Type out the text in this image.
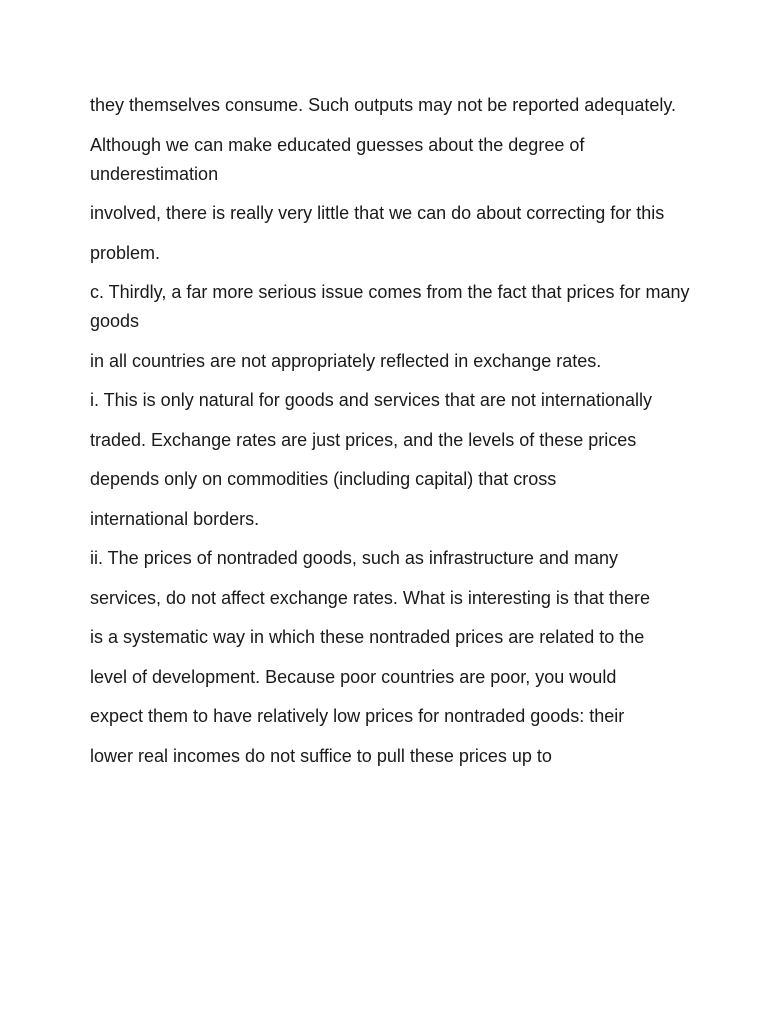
they themselves consume. Such outputs may not be reported adequately.

Although we can make educated guesses about the degree of underestimation

involved, there is really very little that we can do about correcting for this

problem.

c. Thirdly, a far more serious issue comes from the fact that prices for many goods

in all countries are not appropriately reflected in exchange rates.

i. This is only natural for goods and services that are not internationally

traded. Exchange rates are just prices, and the levels of these prices

depends only on commodities (including capital) that cross

international borders.

ii. The prices of nontraded goods, such as infrastructure and many

services, do not affect exchange rates. What is interesting is that there

is a systematic way in which these nontraded prices are related to the

level of development. Because poor countries are poor, you would

expect them to have relatively low prices for nontraded goods: their

lower real incomes do not suffice to pull these prices up to
